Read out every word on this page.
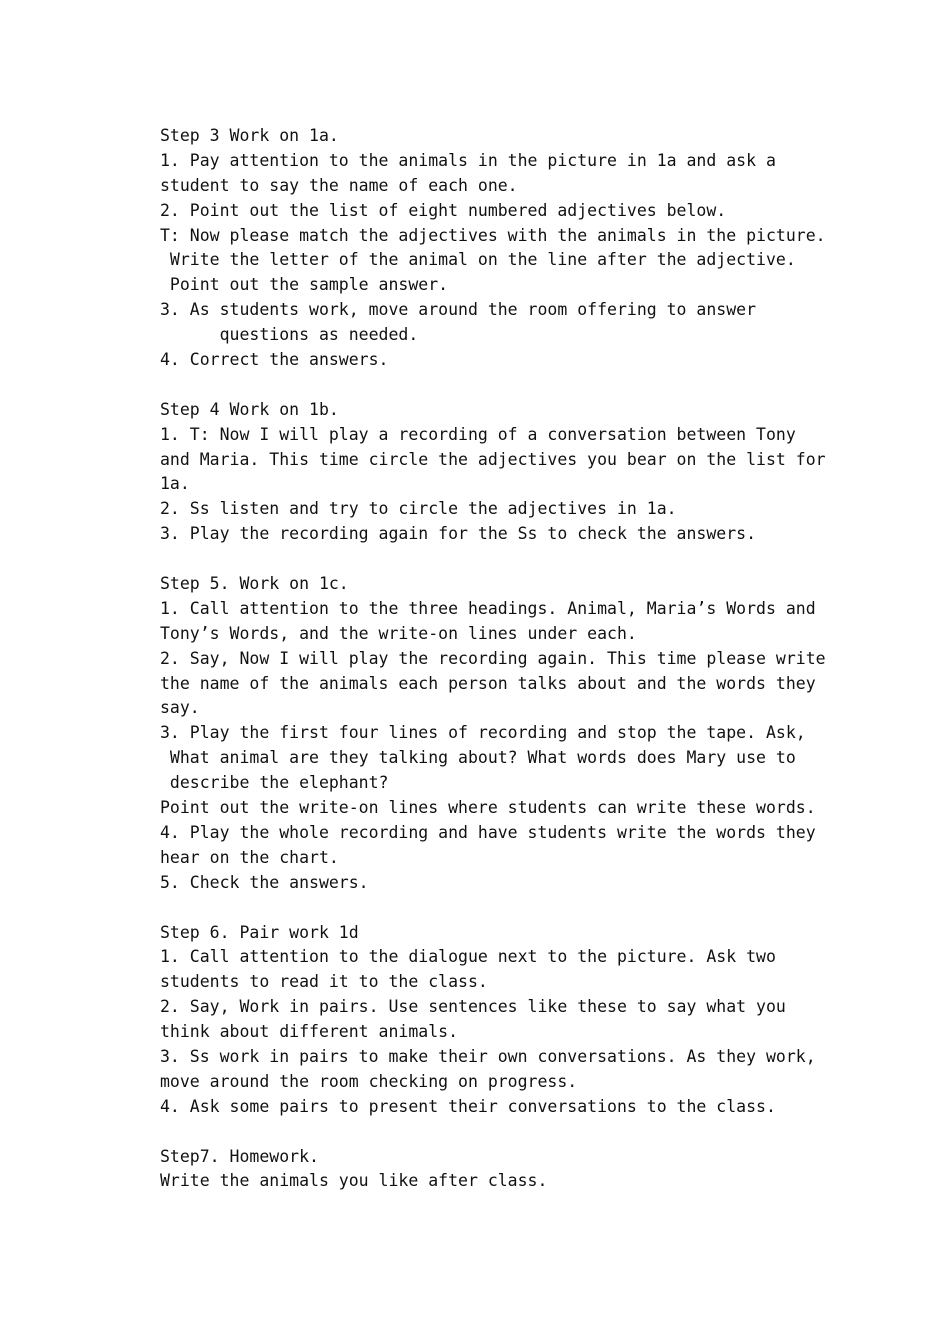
Step 3 Work on 1a.
1. Pay attention to the animals in the picture in 1a and ask a
student to say the name of each one.
2. Point out the list of eight numbered adjectives below.
T: Now please match the adjectives with the animals in the picture.
Write the letter of the animal on the line after the adjective.
Point out the sample answer.
3. As students work, move around the room offering to answer
questions as needed.
4. Correct the answers.
Step 4 Work on 1b.
1. T: Now I will play a recording of a conversation between Tony
and Maria. This time circle the adjectives you bear on the list for
1a.
2. Ss listen and try to circle the adjectives in 1a.
3. Play the recording again for the Ss to check the answers.
Step 5. Work on 1c.
1. Call attention to the three headings. Animal, Maria’s Words and
Tony’s Words, and the write-on lines under each.
2. Say, Now I will play the recording again. This time please write
the name of the animals each person talks about and the words they
say.
3. Play the first four lines of recording and stop the tape. Ask,
What animal are they talking about? What words does Mary use to
describe the elephant?
Point out the write-on lines where students can write these words.
4. Play the whole recording and have students write the words they
hear on the chart.
5. Check the answers.
Step 6. Pair work 1d
1. Call attention to the dialogue next to the picture. Ask two
students to read it to the class.
2. Say, Work in pairs. Use sentences like these to say what you
think about different animals.
3. Ss work in pairs to make their own conversations. As they work,
move around the room checking on progress.
4. Ask some pairs to present their conversations to the class.
Step7. Homework.
Write the animals you like after class.
